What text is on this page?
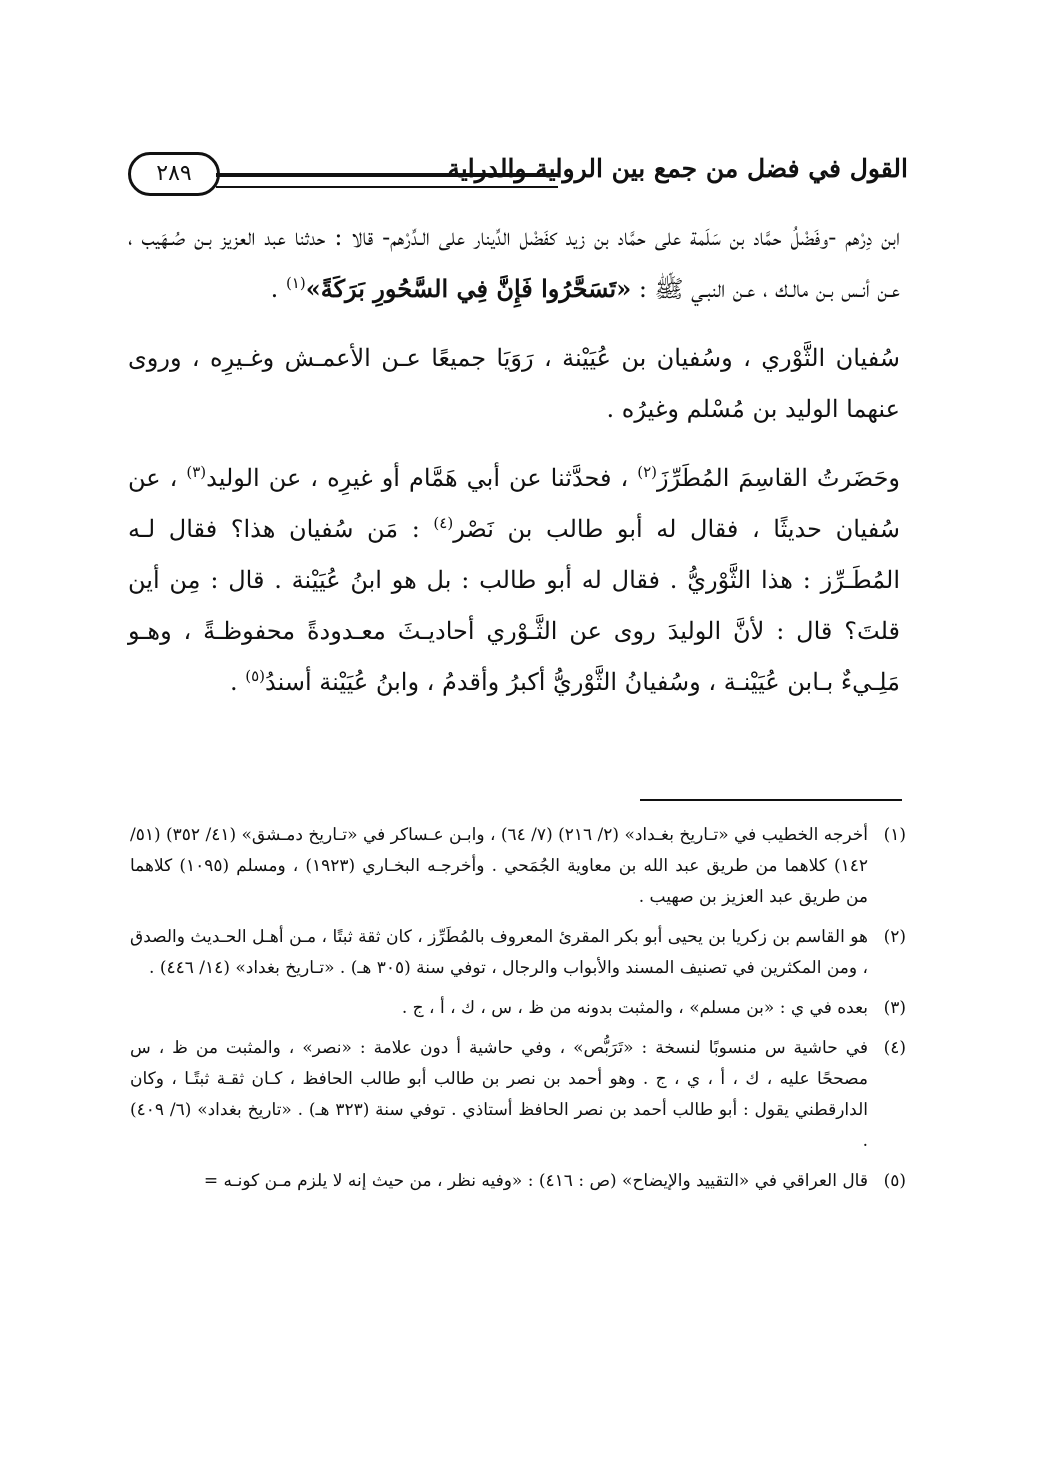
القول في فضل من جمع بين الرواية والدراية
٢٨٩

ابن دِرْهم -وفَضْلُ حمَّاد بن سَلَمة على حمَّاد بن زيد كفَضْل الدِّينار على الـدِّرْهم- قالا : حدثنا عبد العزيز بـن صُـهَيب ، عـن أنـس بـن مالـك ، عـن النبـي ﷺ : «تَسَحَّرُوا فَإِنَّ فِي السَّحُورِ بَرَكَةً»$^{(١)}$ .

سُفيان الثَّوْري ، وسُفيان بن عُيَيْنة ، رَوَيَا جميعًا عـن الأعمـش وغـيرِه ، وروى عنهما الوليد بن مُسْلم وغيرُه .

وحَضَرتُ القاسِمَ المُطَرِّزَ$^{(٢)}$ ، فحدَّثنا عن أبي هَمَّام أو غيرِه ، عن الوليد$^{(٣)}$ ، عن سُفيان حديثًا ، فقال له أبو طالب بن نَصْر$^{(٤)}$ : مَن سُفيان هذا؟ فقال لـه المُطَـرِّز : هذا الثَّوْريُّ . فقال له أبو طالب : بل هو ابنُ عُيَيْنة . قال : مِن أين قلتَ؟ قال : لأنَّ الوليدَ روى عن الثَّـوْري أحاديـثَ معـدودةً محفوظـةً ، وهـو مَلِـيءٌ بـابن عُيَيْنـة ، وسُفيانُ الثَّوْريُّ أكبرُ وأقدمُ ، وابنُ عُيَيْنة أسندُ$^{(٥)}$ .

(١)
أخرجه الخطيب في «تـاريخ بغـداد» (٢/ ٢١٦) (٧/ ٦٤) ، وابـن عـساكر في «تـاريخ دمـشق» (٤١/ ٣٥٢) (٥١/ ١٤٢) كلاهما من طريق عبد الله بن معاوية الجُمَحي . وأخرجـه البخـاري (١٩٢٣) ، ومسلم (١٠٩٥) كلاهما من طريق عبد العزيز بن صهيب .
(٢)
هو القاسم بن زكريا بن يحيى أبو بكر المقرئ المعروف بالمُطَرِّز ، كان ثقة ثبتًا ، مـن أهـل الحـديث والصدق ، ومن المكثرين في تصنيف المسند والأبواب والرجال ، توفي سنة (٣٠٥ هـ) . «تـاريخ بغداد» (١٤/ ٤٤٦) .
(٣)
بعده في ي : «بن مسلم» ، والمثبت بدونه من ظ ، س ، ك ، أ ، ج .
(٤)
في حاشية س منسوبًا لنسخة : «تَرَبُّص» ، وفي حاشية أ دون علامة : «نصر» ، والمثبت من ظ ، س مصححًا عليه ، ك ، أ ، ي ، ج . وهو أحمد بن نصر بن طالب أبو طالب الحافظ ، كـان ثقـة ثبتًـا ، وكان الدارقطني يقول : أبو طالب أحمد بن نصر الحافظ أستاذي . توفي سنة (٣٢٣ هـ) . «تاريخ بغداد» (٦/ ٤٠٩) .
(٥)
قال العراقي في «التقييد والإيضاح» (ص : ٤١٦) : «وفيه نظر ، من حيث إنه لا يلزم مـن كونـه =
